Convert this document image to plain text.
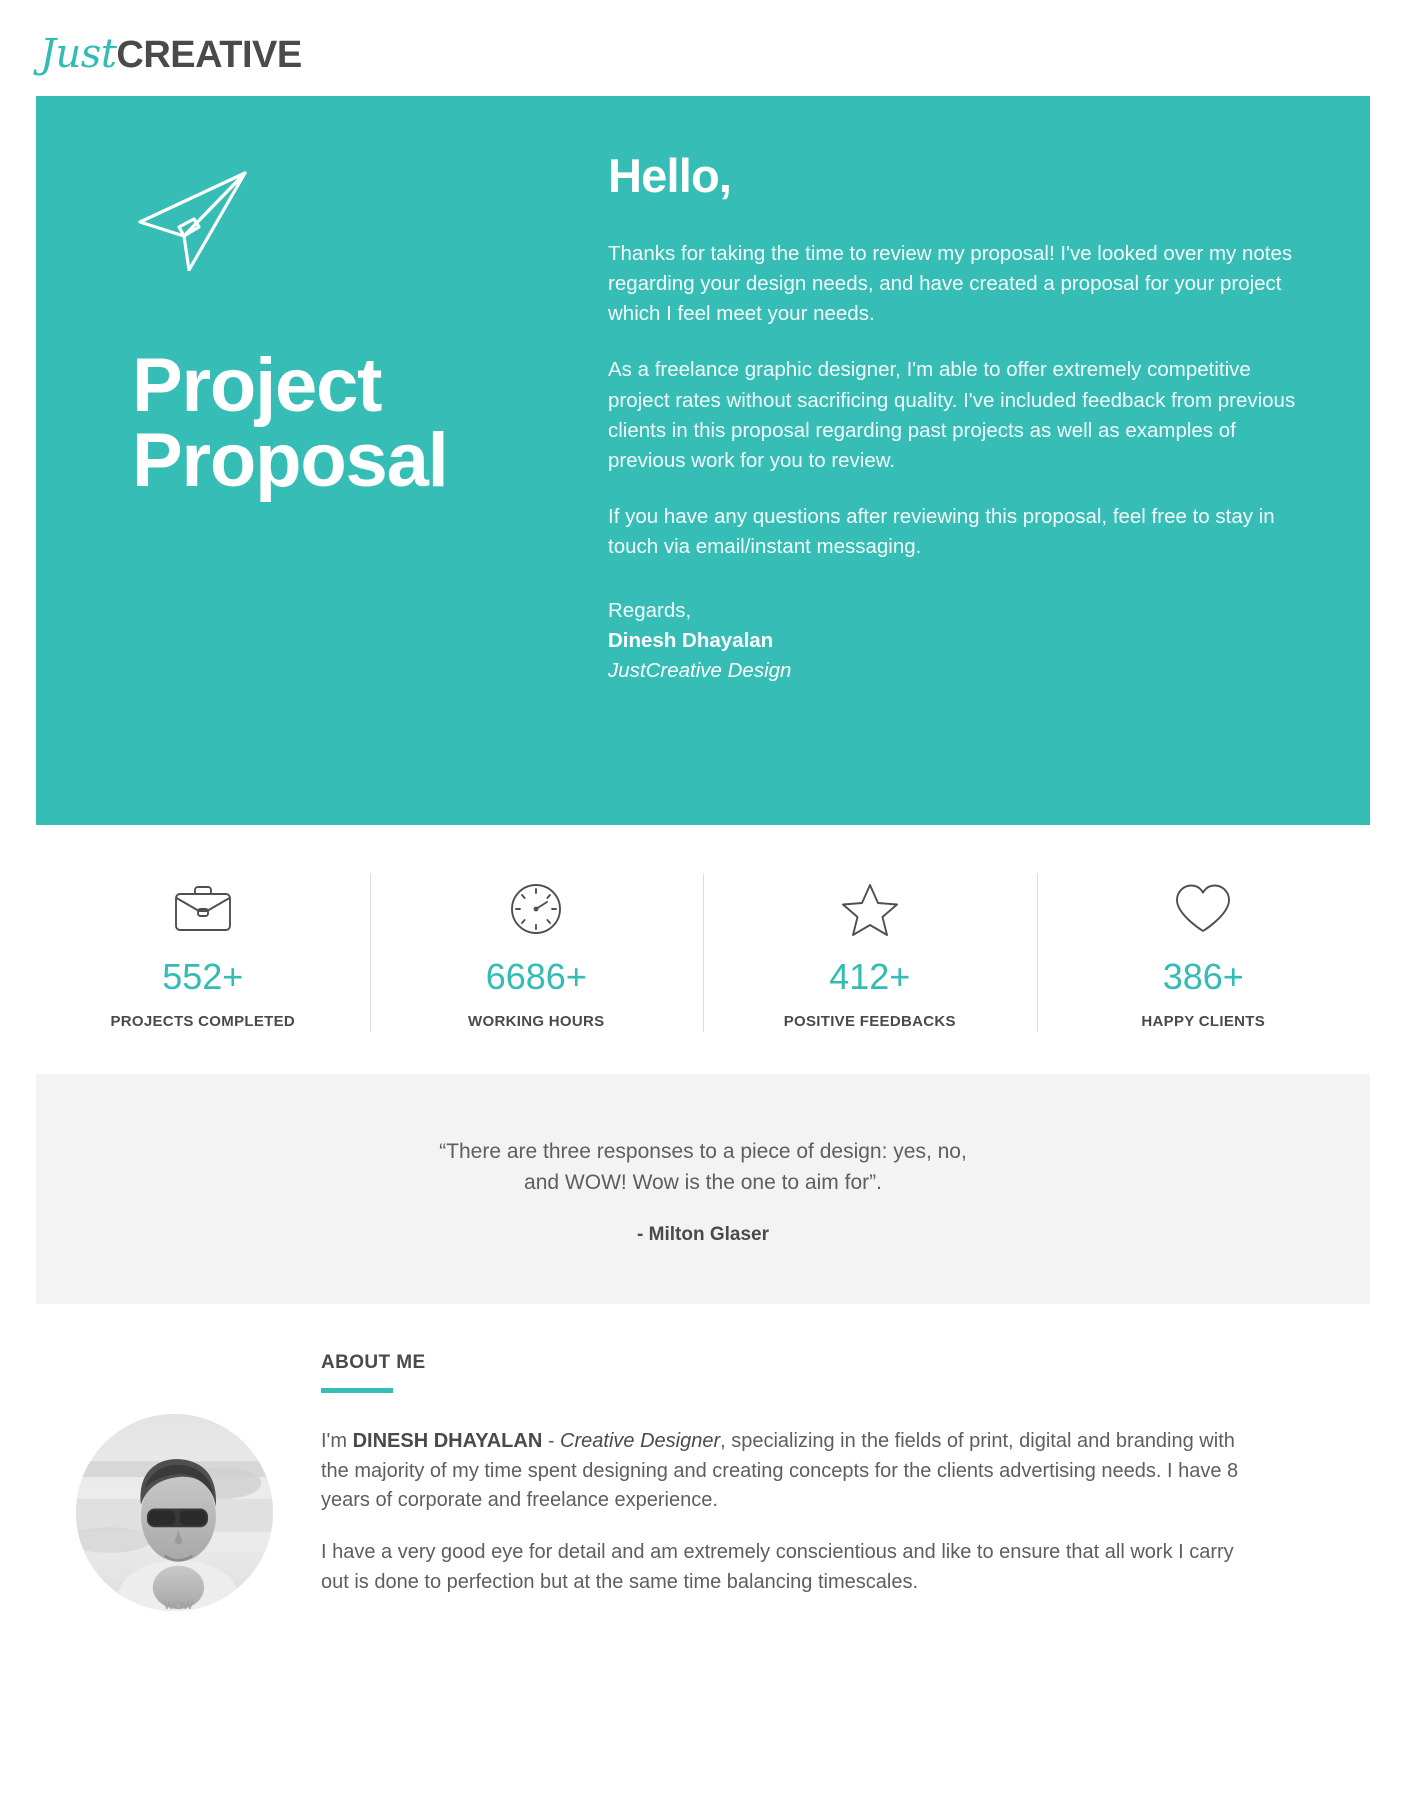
JustCREATIVE
Project
Proposal
Hello,

Thanks for taking the time to review my proposal! I've looked over my notes regarding your design needs, and have created a proposal for your project which I feel meet your needs.

As a freelance graphic designer, I'm able to offer extremely competitive project rates without sacrificing quality. I've included feedback from previous clients in this proposal regarding past projects as well as examples of previous work for you to review.

If you have any questions after reviewing this proposal, feel free to stay in touch via email/instant messaging.

Regards,
Dinesh Dhayalan
JustCreative Design
552+
PROJECTS COMPLETED
6686+
WORKING HOURS
412+
POSITIVE FEEDBACKS
386+
HAPPY CLIENTS
“There are three responses to a piece of design: yes, no,
and WOW! Wow is the one to aim for”.
- Milton Glaser
WOW
ABOUT ME

I'm DINESH DHAYALAN - Creative Designer, specializing in the fields of print, digital and branding with the majority of my time spent designing and creating concepts for the clients advertising needs. I have 8 years of corporate and freelance experience.

I have a very good eye for detail and am extremely conscientious and like to ensure that all work I carry out is done to perfection but at the same time balancing timescales.
